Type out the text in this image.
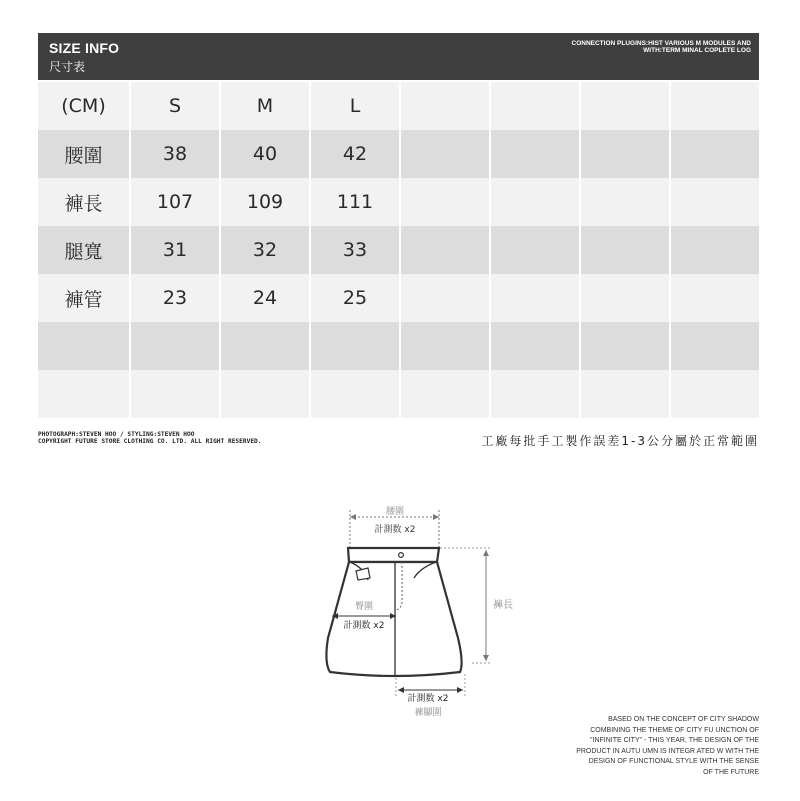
SIZE INFO
尺寸表
CONNECTION PLUGINS:HIST VARIOUS M MODULES AND
WITH:TERM MINAL COPLETE LOG
(CM)	S	M	L				
腰圍	38	40	42				
褲長	107	109	111				
腿寬	31	32	33				
褲管	23	24	25				

PHOTOGRAPH:STEVEN HOO / STYLING:STEVEN HOO
COPYRIGHT FUTURE STORE CLOTHING CO. LTD. ALL RIGHT RESERVED.	工廠每批手工製作誤差1-3公分屬於正常範圍
腰圍
計測数 x2
褲長
臀圍
計測数 x2
計測数 x2
褲腳圍
BASED ON THE CONCEPT OF CITY SHADOW
COMBINING THE THEME OF CITY FU UNCTION OF
"INFINITE CITY" - THIS YEAR, THE DESIGN OF THE
PRODUCT IN AUTU UMN IS INTEGR ATED W WITH THE
DESIGN OF FUNCTIONAL STYLE WITH THE SENSE
OF THE FUTURE
